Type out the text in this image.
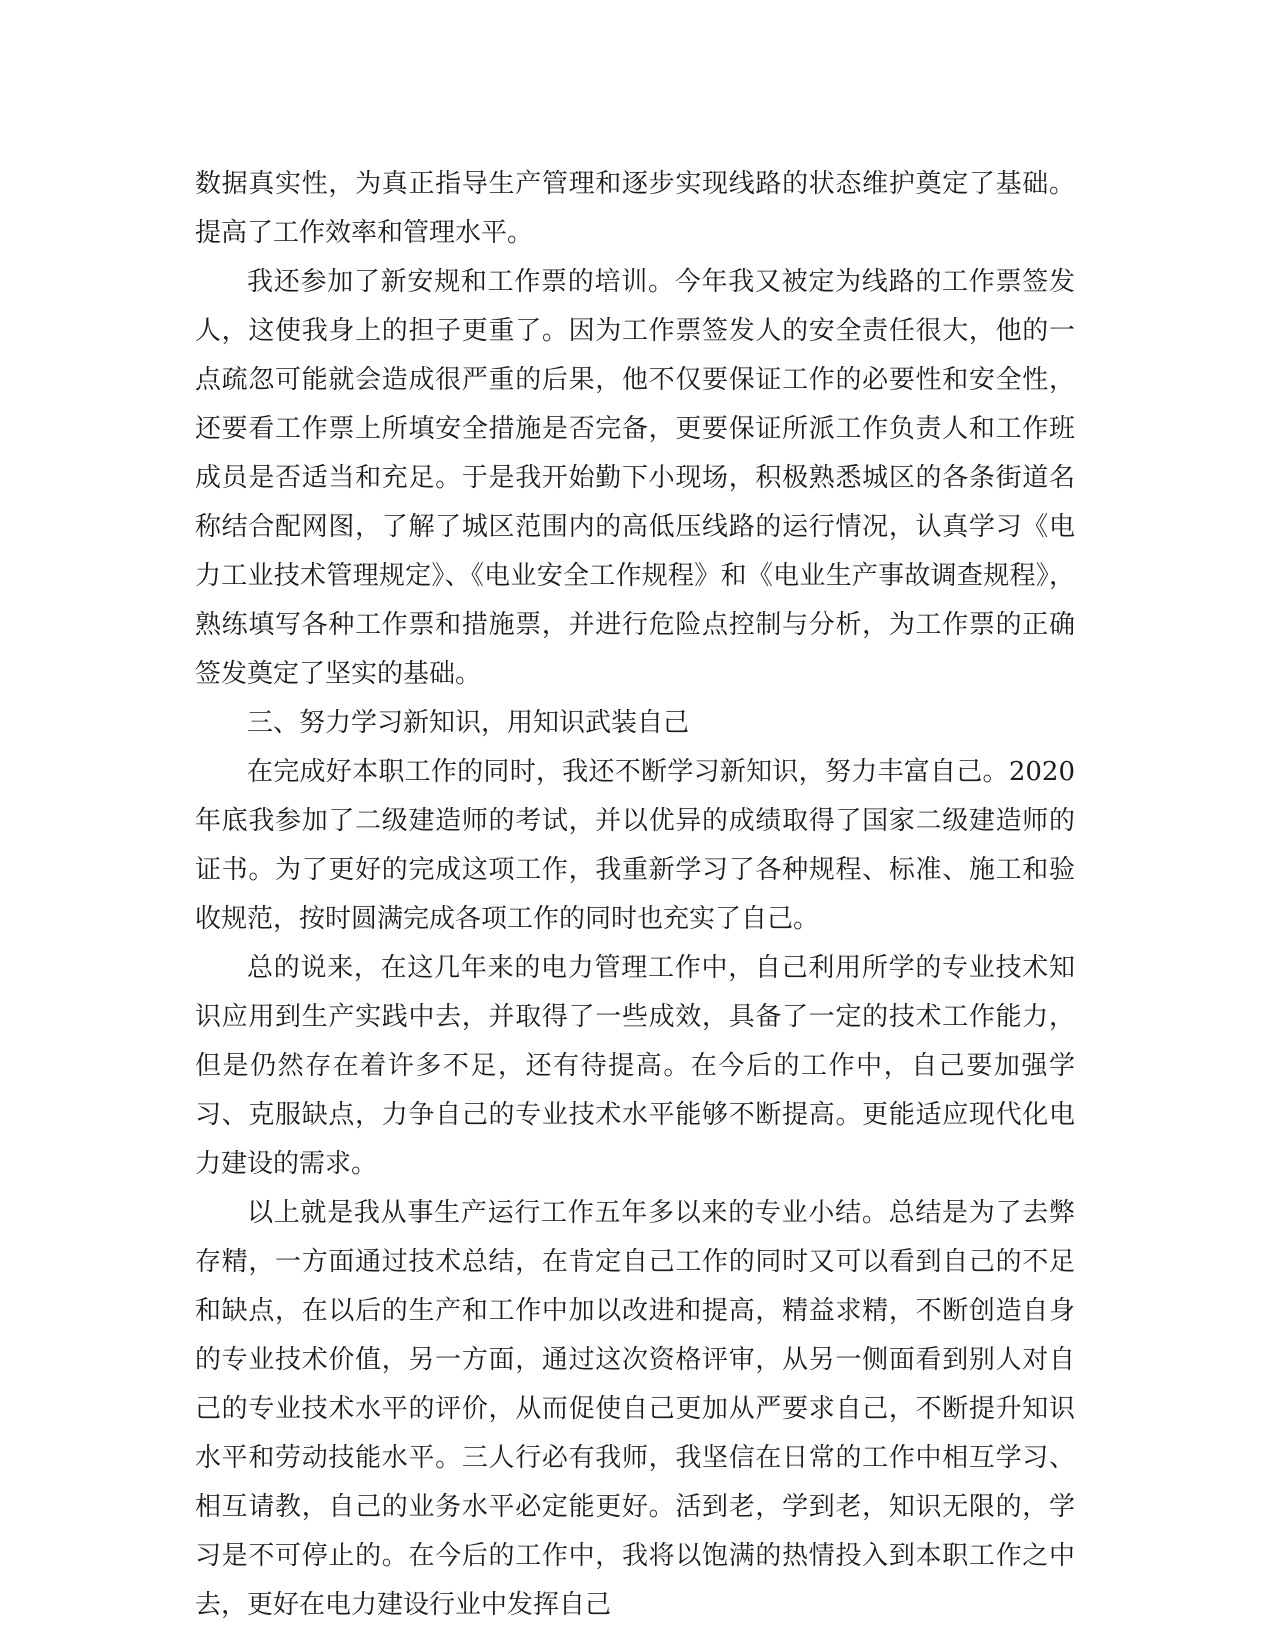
数据真实性，为真正指导生产管理和逐步实现线路的状态维护奠定了基础。提高了工作效率和管理水平。

我还参加了新安规和工作票的培训。今年我又被定为线路的工作票签发人，这使我身上的担子更重了。因为工作票签发人的安全责任很大，他的一点疏忽可能就会造成很严重的后果，他不仅要保证工作的必要性和安全性，还要看工作票上所填安全措施是否完备，更要保证所派工作负责人和工作班成员是否适当和充足。于是我开始勤下小现场，积极熟悉城区的各条街道名称结合配网图，了解了城区范围内的高低压线路的运行情况，认真学习《电力工业技术管理规定》、《电业安全工作规程》和《电业生产事故调查规程》，熟练填写各种工作票和措施票，并进行危险点控制与分析，为工作票的正确签发奠定了坚实的基础。

三、努力学习新知识，用知识武装自己

在完成好本职工作的同时，我还不断学习新知识，努力丰富自己。2020年底我参加了二级建造师的考试，并以优异的成绩取得了国家二级建造师的证书。为了更好的完成这项工作，我重新学习了各种规程、标准、施工和验收规范，按时圆满完成各项工作的同时也充实了自己。

总的说来，在这几年来的电力管理工作中，自己利用所学的专业技术知识应用到生产实践中去，并取得了一些成效，具备了一定的技术工作能力，但是仍然存在着许多不足，还有待提高。在今后的工作中，自己要加强学习、克服缺点，力争自己的专业技术水平能够不断提高。更能适应现代化电力建设的需求。

以上就是我从事生产运行工作五年多以来的专业小结。总结是为了去弊存精，一方面通过技术总结，在肯定自己工作的同时又可以看到自己的不足和缺点，在以后的生产和工作中加以改进和提高，精益求精，不断创造自身的专业技术价值，另一方面，通过这次资格评审，从另一侧面看到别人对自己的专业技术水平的评价，从而促使自己更加从严要求自己，不断提升知识水平和劳动技能水平。三人行必有我师，我坚信在日常的工作中相互学习、相互请教，自己的业务水平必定能更好。活到老，学到老，知识无限的，学习是不可停止的。在今后的工作中，我将以饱满的热情投入到本职工作之中去，更好在电力建设行业中发挥自己
